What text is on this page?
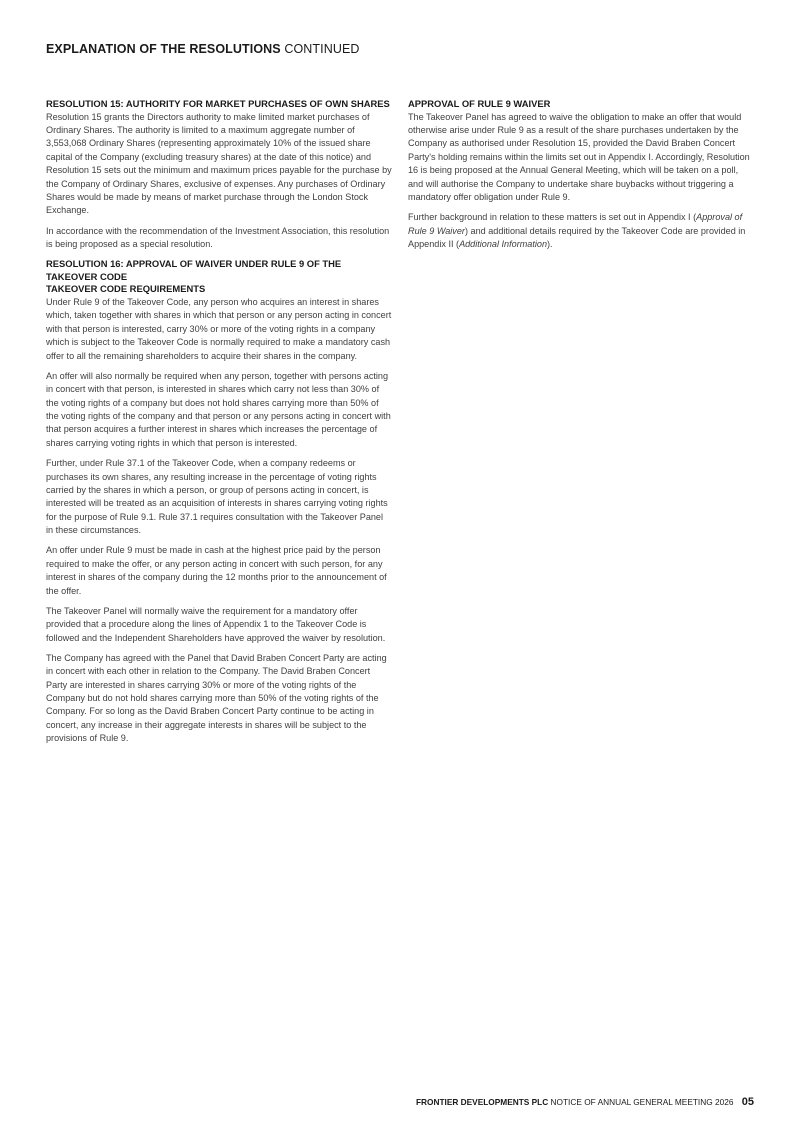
EXPLANATION OF THE RESOLUTIONS CONTINUED
RESOLUTION 15: AUTHORITY FOR MARKET PURCHASES OF OWN SHARES

Resolution 15 grants the Directors authority to make limited market purchases of Ordinary Shares. The authority is limited to a maximum aggregate number of 3,553,068 Ordinary Shares (representing approximately 10% of the issued share capital of the Company (excluding treasury shares) at the date of this notice) and Resolution 15 sets out the minimum and maximum prices payable for the purchase by the Company of Ordinary Shares, exclusive of expenses. Any purchases of Ordinary Shares would be made by means of market purchase through the London Stock Exchange.

In accordance with the recommendation of the Investment Association, this resolution is being proposed as a special resolution.

RESOLUTION 16: APPROVAL OF WAIVER UNDER RULE 9 OF THE TAKEOVER CODE
TAKEOVER CODE REQUIREMENTS

Under Rule 9 of the Takeover Code, any person who acquires an interest in shares which, taken together with shares in which that person or any person acting in concert with that person is interested, carry 30% or more of the voting rights in a company which is subject to the Takeover Code is normally required to make a mandatory cash offer to all the remaining shareholders to acquire their shares in the company.

An offer will also normally be required when any person, together with persons acting in concert with that person, is interested in shares which carry not less than 30% of the voting rights of a company but does not hold shares carrying more than 50% of the voting rights of the company and that person or any persons acting in concert with that person acquires a further interest in shares which increases the percentage of shares carrying voting rights in which that person is interested.

Further, under Rule 37.1 of the Takeover Code, when a company redeems or purchases its own shares, any resulting increase in the percentage of voting rights carried by the shares in which a person, or group of persons acting in concert, is interested will be treated as an acquisition of interests in shares carrying voting rights for the purpose of Rule 9.1. Rule 37.1 requires consultation with the Takeover Panel in these circumstances.

An offer under Rule 9 must be made in cash at the highest price paid by the person required to make the offer, or any person acting in concert with such person, for any interest in shares of the company during the 12 months prior to the announcement of the offer.

The Takeover Panel will normally waive the requirement for a mandatory offer provided that a procedure along the lines of Appendix 1 to the Takeover Code is followed and the Independent Shareholders have approved the waiver by resolution.

The Company has agreed with the Panel that David Braben Concert Party are acting in concert with each other in relation to the Company. The David Braben Concert Party are interested in shares carrying 30% or more of the voting rights of the Company but do not hold shares carrying more than 50% of the voting rights of the Company. For so long as the David Braben Concert Party continue to be acting in concert, any increase in their aggregate interests in shares will be subject to the provisions of Rule 9.

APPROVAL OF RULE 9 WAIVER

The Takeover Panel has agreed to waive the obligation to make an offer that would otherwise arise under Rule 9 as a result of the share purchases undertaken by the Company as authorised under Resolution 15, provided the David Braben Concert Party's holding remains within the limits set out in Appendix I. Accordingly, Resolution 16 is being proposed at the Annual General Meeting, which will be taken on a poll, and will authorise the Company to undertake share buybacks without triggering a mandatory offer obligation under Rule 9.

Further background in relation to these matters is set out in Appendix I (Approval of Rule 9 Waiver) and additional details required by the Takeover Code are provided in Appendix II (Additional Information).

FRONTIER DEVELOPMENTS PLC NOTICE OF ANNUAL GENERAL MEETING 2026 05
